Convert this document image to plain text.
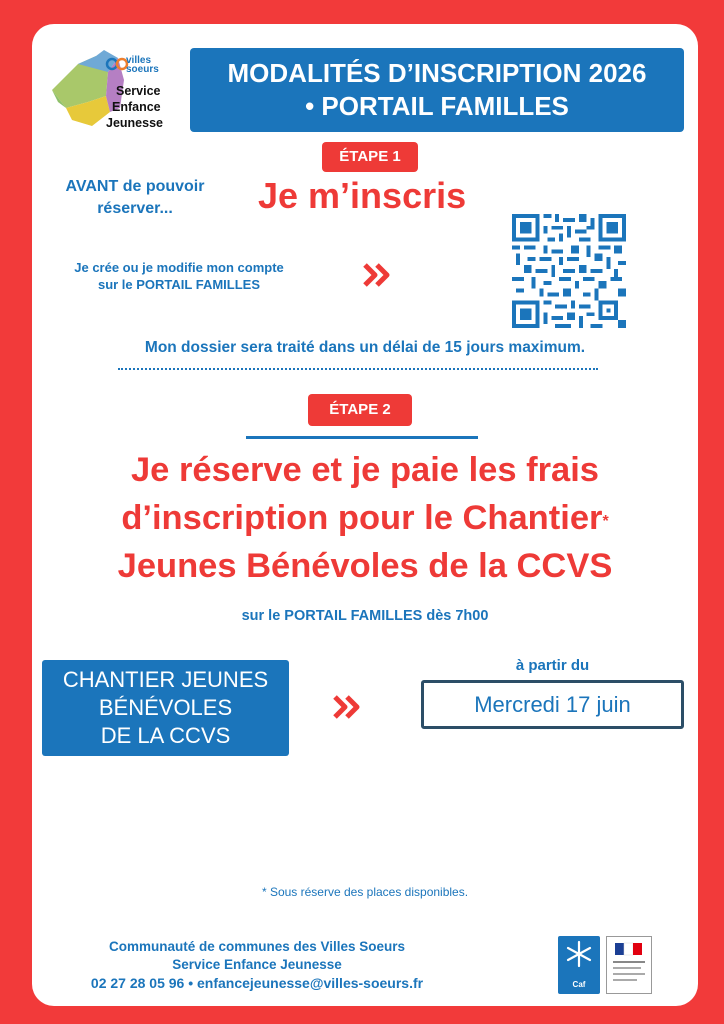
villes
soeurs
Service
Enfance
Jeunesse
MODALITÉS D’INSCRIPTION 2026
• PORTAIL FAMILLES
ÉTAPE 1
AVANT de pouvoir
réserver...	Je m’inscris
Je crée ou je modifie mon compte
sur le PORTAIL FAMILLES
Mon dossier sera traité dans un délai de 15 jours maximum.
ÉTAPE 2
Je réserve et je paie les frais
d’inscription pour le Chantier*
Jeunes Bénévoles de la CCVS
sur le PORTAIL FAMILLES dès 7h00
CHANTIER JEUNES
BÉNÉVOLES
DE LA CCVS
à partir du
Mercredi 17 juin
* Sous réserve des places disponibles.
Communauté de communes des Villes Soeurs
Service Enfance Jeunesse
02 27 28 05 96 • enfancejeunesse@villes-soeurs.fr	Caf
